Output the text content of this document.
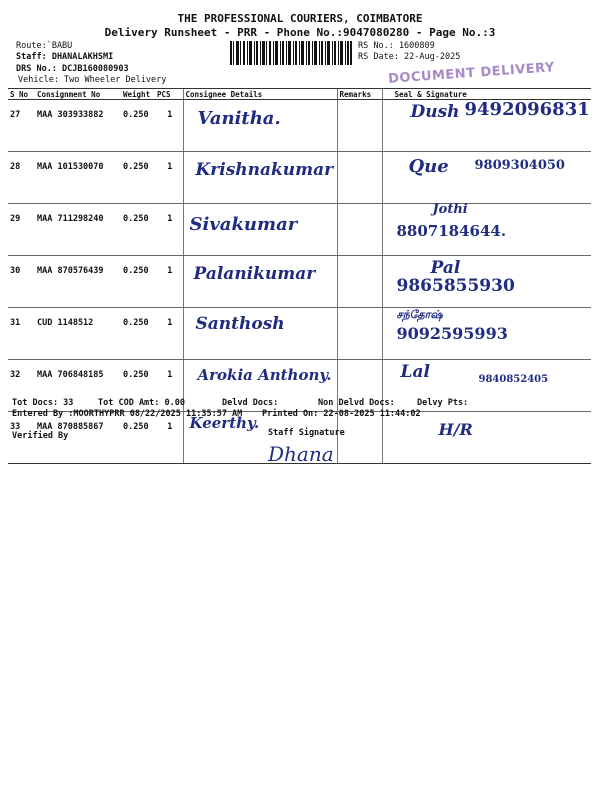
THE PROFESSIONAL COURIERS, COIMBATORE
Delivery Runsheet - PRR - Phone No.:9047080280 - Page No.:3
Route:`BABU
Staff: DHANALAKHSMI
DRS No.: DCJB160080903
Vehicle: Two Wheeler Delivery
RS No.: 1600809
RS Date: 22-Aug-2025
DOCUMENT DELIVERY
S No	Consignment No	Weight	PCS	Consignee Details	Remarks	Seal & Signature
27	MAA 303933882	0.250	1	Vanitha.		Dush 9492096831

28	MAA 101530070	0.250	1	Krishnakumar		Que 9809304050

29	MAA 711298240	0.250	1	Sivakumar		Jothi
8807184644.

30	MAA 870576439	0.250	1	Palanikumar		Pal
9865855930

31	CUD 1148512	0.250	1	Santhosh		சந்தோஷ்
9092595993

32	MAA 706848185	0.250	1	Arokia Anthony.		Lal 9840852405

33	MAA 870885867	0.250	1	Keerthy.		H/R
Tot Docs: 33	Tot COD Amt: 0.00	Delvd Docs:	Non Delvd Docs:	Delvy Pts:
Entered By :MOORTHYPRR 08/22/2025 11:35:57 AM Printed On: 22-08-2025 11:44:02
Verified By	Staff Signature
Dhana
